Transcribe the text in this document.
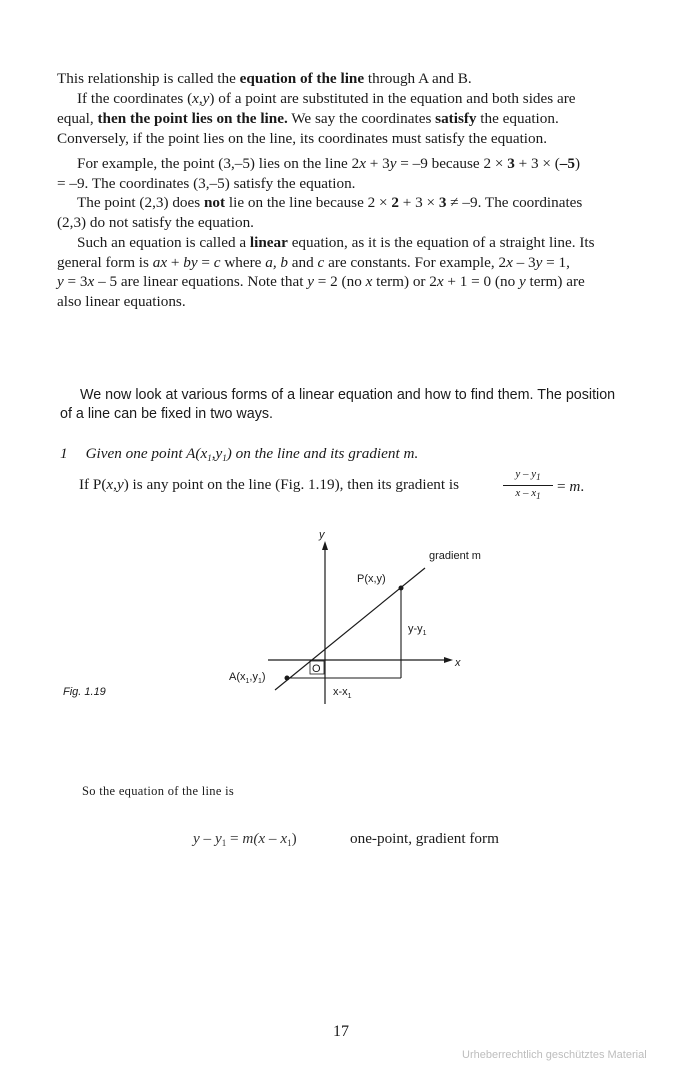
This relationship is called the equation of the line through A and B.
If the coordinates (x,y) of a point are substituted in the equation and both sides are
equal, then the point lies on the line. We say the coordinates satisfy the equation.
Conversely, if the point lies on the line, its coordinates must satisfy the equation.
For example, the point (3,–5) lies on the line 2x + 3y = –9 because 2 × 3 + 3 × (–5)
= –9. The coordinates (3,–5) satisfy the equation.
The point (2,3) does not lie on the line because 2 × 2 + 3 × 3 ≠ –9. The coordinates
(2,3) do not satisfy the equation.
Such an equation is called a linear equation, as it is the equation of a straight line. Its
general form is ax + by = c where a, b and c are constants. For example, 2x – 3y = 1,
y = 3x – 5 are linear equations. Note that y = 2 (no x term) or 2x + 1 = 0 (no y term) are
also linear equations.
We now look at various forms of a linear equation and how to find them. The position
of a line can be fixed in two ways.
1 Given one point $A(x_1,y_1)$ on the line and its gradient m.
If P(x,y) is any point on the line (Fig. 1.19), then its gradient is
y – $y_1$
x – $x_1$
= m.
y
x
O
gradient m
P(x,y)
$y-y_1$
$A(x_1,y_1)$
$x-x_1$
Fig. 1.19
So the equation of the line is
$y - y_1 = m(x - x_1)$	one-point, gradient form
17
Urheberrechtlich geschütztes Material
